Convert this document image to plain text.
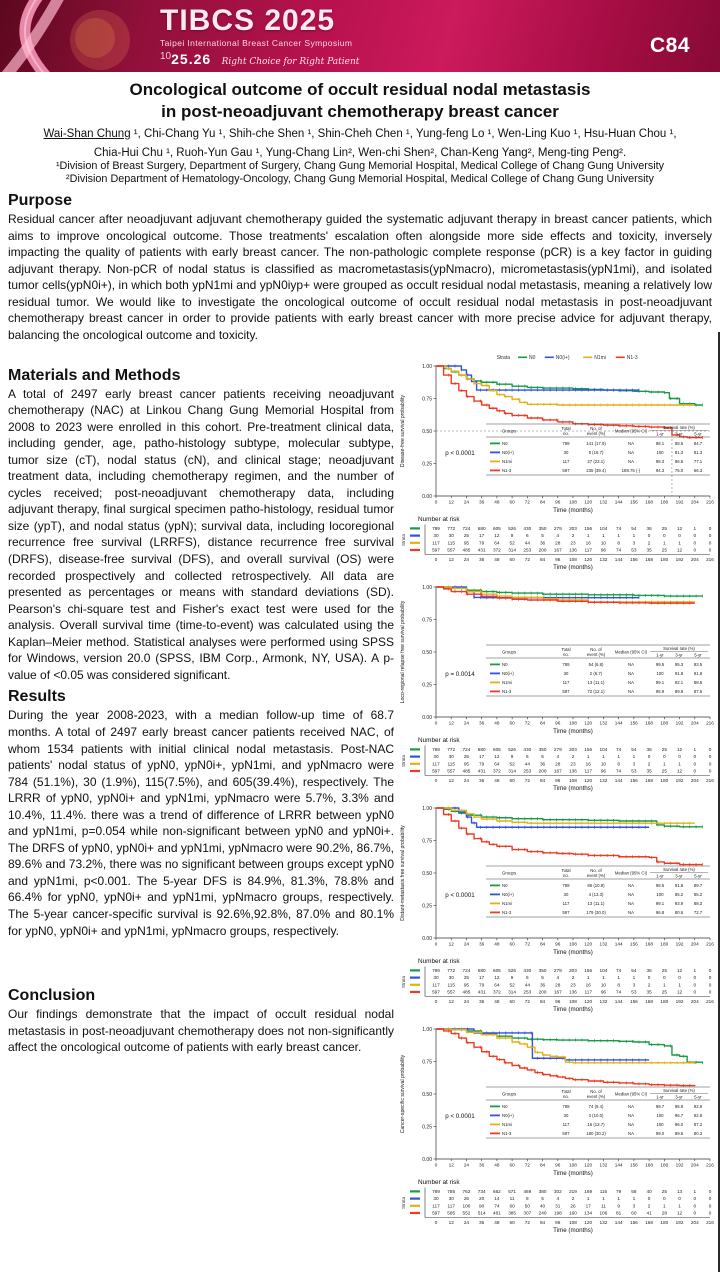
TIBCS 2025
Taipei International Breast Cancer Symposium
$^{10}$25.26 Right Choice for Right Patient
C84
Oncological outcome of occult residual nodal metastasis
in post-neoadjuvant chemotherapy breast cancer

Wai-Shan Chung ¹, Chi-Chang Yu ¹, Shih-che Shen ¹, Shin-Cheh Chen ¹, Yung-feng Lo ¹, Wen-Ling Kuo ¹, Hsu-Huan Chou ¹,

Chia-Hui Chu ¹, Ruoh-Yun Gau ¹, Yung-Chang Lin², Wen-chi Shen², Chan-Keng Yang², Meng-ting Peng².

¹Division of Breast Surgery, Department of Surgery, Chang Gung Memorial Hospital, Medical College of Chang Gung University

²Division Department of Hematology-Oncology, Chang Gung Memorial Hospital, Medical College of Chang Gung University

Purpose

Residual cancer after neoadjuvant adjuvant chemotherapy guided the systematic adjuvant therapy in breast cancer patients, which aims to improve oncological outcome. Those treatments' escalation often alongside more side effects and toxicity, inversely impacting the quality of patients with early breast cancer. The non-pathologic complete response (pCR) is a key factor in guiding adjuvant therapy. Non-pCR of nodal status is classified as macrometastasis(ypNmacro), micrometastasis(ypN1mi), and isolated tumor cells(ypN0i+), in which both ypN1mi and ypN0iyp+ were grouped as occult residual nodal metastasis, meaning a relatively low residual tumor. We would like to investigate the oncological outcome of occult residual nodal metastasis in post-neoadjuvant chemotherapy breast cancer in order to provide patients with early breast cancer with more precise advice for adjuvant therapy, balancing the oncological outcome and toxicity.

Materials and Methods

A total of 2497 early breast cancer patients receiving neoadjuvant chemotherapy (NAC) at Linkou Chang Gung Memorial Hospital from 2008 to 2023 were enrolled in this cohort. Pre-treatment clinical data, including gender, age, patho-histology subtype, molecular subtype, tumor size (cT), nodal status (cN), and clinical stage; neoadjuvant treatment data, including chemotherapy regimen, and the number of cycles received; post-neoadjuvant chemotherapy data, including adjuvant therapy, final surgical specimen patho-histology, residual tumor size (ypT), and nodal status (ypN); survival data, including locoregional recurrence free survival (LRRFS), distance recurrence free survival (DRFS), disease-free survival (DFS), and overall survival (OS) were recorded prospectively and collected retrospectively. All data are presented as percentages or means with standard deviations (SD). Pearson's chi-square test and Fisher's exact test were used for the analysis. Overall survival time (time-to-event) was calculated using the Kaplan–Meier method. Statistical analyses were performed using SPSS for Windows, version 20.0 (SPSS, IBM Corp., Armonk, NY, USA). A p-value of <0.05 was considered significant.

Results

During the year 2008-2023, with a median follow-up time of 68.7 months. A total of 2497 early breast cancer patients received NAC, of whom 1534 patients with initial clinical nodal metastasis. Post-NAC patients' nodal status of ypN0, ypN0i+, ypN1mi, and ypNmacro were 784 (51.1%), 30 (1.9%), 115(7.5%), and 605(39.4%), respectively. The LRRR of ypN0, ypN0i+ and ypN1mi, ypNmacro were 5.7%, 3.3% and 10.4%, 11.4%. there was a trend of difference of LRRR between ypN0 and ypN1mi, p=0.054 while non-significant between ypN0 and ypN0i+. The DRFS of ypN0, ypN0i+ and ypN1mi, ypNmacro were 90.2%, 86.7%, 89.6% and 73.2%, there was no significant between groups except ypN0 and ypN1mi, p<0.001. The 5-year DFS is 84.9%, 81.3%, 78.8% and 66.4% for ypN0, ypN0i+ and ypN1mi, ypNmacro groups, respectively. The 5-year cancer-specific survival is 92.6%,92.8%, 87.0% and 80.1% for ypN0, ypN0i+ and ypN1mi, ypNmacro groups, respectively.

Conclusion

Our findings demonstrate that the impact of occult residual nodal metastasis in post-neoadjuvant chemotherapy does not non-significantly affect the oncological outcome of patients with early breast cancer.

Strata	N0	N0(i+)	N1mi	N1-3
1.00
0.75
0.50
0.25
0.00
0 12 24 36 48 60 72 84 96 108 120 132 144 156 168 180 192 204 216
Time (months)
Disease-free survival probability	p < 0.0001
Groups
Total
no.
No. of
event (%) Median (95% CI)
Survival rate (%)
1-yr	3-yr	5-yr
N0	789	141 (17.9)	NA	98.1 88.5 84.7
N0(i+)	30	5 (16.7)	NA	100	81.3 81.3
N1mi	117	27 (23.1)	NA	98.3 86.5 77.1
N1-3	597	235 (39.4)	188.75 (-)	94.3 75.0 66.3
Number at risk
Strata
789 772 724 680 605 526 430 350 279 203 156 104 74 54 36 25 12 1	0
30 30 25 17 12 9	6	5	4	2	1	1	1	1	0	0	0	0	0
117 115 95 79 64 52 44 36 28 23 16 10 8	3	2	1	1	0	0
597 557 485 431 372 314 253 200 167 136 117 96 74 53 35 25 12 0	0
0 12 24 36 48 60 72 84 96 108 120 132 144 156 168 180 192 204 216
Time (months)
1.00
0.75
0.50
0.25
0.00
0 12 24 36 48 60 72 84 96 108 120 132 144 156 168 180 192 204 216
Time (months)
Loco-regional relapse free survival probability	p = 0.0014
Groups
Total
no.
No. of
event (%) Median (95% CI)
Survival rate (%)
1-yr	3-yr	5-yr
N0	789	54 (6.8)	NA	99.5 95.3 93.5
N0(i+)	30	2 (6.7)	NA	100	91.8 91.8
N1mi	117	13 (11.1)	NA	99.1 92.1 88.5
N1-3	597	72 (12.1)	NA	95.9 89.9 87.6
Number at risk
Strata
789 772 724 680 605 526 430 350 279 203 156 104 74 54 36 25 12 1	0
30 30 25 17 12 9	6	5	4	2	1	1	1	1	0	0	0	0	0
117 115 95 79 64 52 44 36 28 23 16 10 8	3	2	1	1	0	0
597 557 485 431 372 314 253 200 167 136 117 96 74 53 35 25 12 0	0
0 12 24 36 48 60 72 84 96 108 120 132 144 156 168 180 192 204 216
Time (months)
1.00
0.75
0.50
0.25
0.00
0 12 24 36 48 60 72 84 96 108 120 132 144 156 168 180 192 204 216
Time (months)
Distant-metastasis free survival probability	p < 0.0001
Groups
Total
no.
No. of
event (%) Median (95% CI)
Survival rate (%)
1-yr	3-yr	5-yr
N0	789	86 (10.9)	NA	98.6 91.8 89.7
N0(i+)	30	4 (13.3)	NA	100	85.2 85.2
N1mi	117	13 (11.1)	NA	99.1 93.9 88.3
N1-3	597	179 (30.0)	NA	96.8 80.6 72.7
Number at risk
Strata
789 772 724 680 605 526 430 350 279 203 156 104 74 54 36 25 12 1	0
30 30 25 17 12 9	6	5	4	2	1	1	1	1	0	0	0	0	0
117 115 95 79 64 52 44 36 28 23 16 10 8	3	2	1	1	0	0
597 557 485 431 372 314 253 200 167 136 117 96 74 53 35 25 12 0	0
0 12 24 36 48 60 72 84 96 108 120 132 144 156 168 180 192 204 216
Time (months)
1.00
0.75
0.50
0.25
0.00
0 12 24 36 48 60 72 84 96 108 120 132 144 156 168 180 192 204 216
Time (months)
Cancer-specific survival probability	p < 0.0001
Groups
Total
no.
No. of
event (%) Median (95% CI)
Survival rate (%)
1-yr	3-yr	5-yr
N0	789	74 (9.4)	NA	99.7 95.9 92.9
N0(i+)	30	3 (10.0)	NA	100	96.7 92.8
N1mi	117	16 (13.7)	NA	100	96.0 87.2
N1-3	597	180 (30.2)	NA	99.0 89.6 80.3
Number at risk
Strata
789 785 762 734 662 571 469 380 302 219 169 116 79 58 40 25 13 1	0
30 30 26 20 14 11 8	5	4	2	1	1	1	1	0	0	0	0	0
117 117 106 90 74 60 50 40 31 26 17 11 9	3	2	1	1	0	0
597 585 552 514 461 385 307 240 198 160 134 106 81 60 41 28 12 0	0
0 12 24 36 48 60 72 84 96 108 120 132 144 156 168 180 192 204 216
Time (months)
